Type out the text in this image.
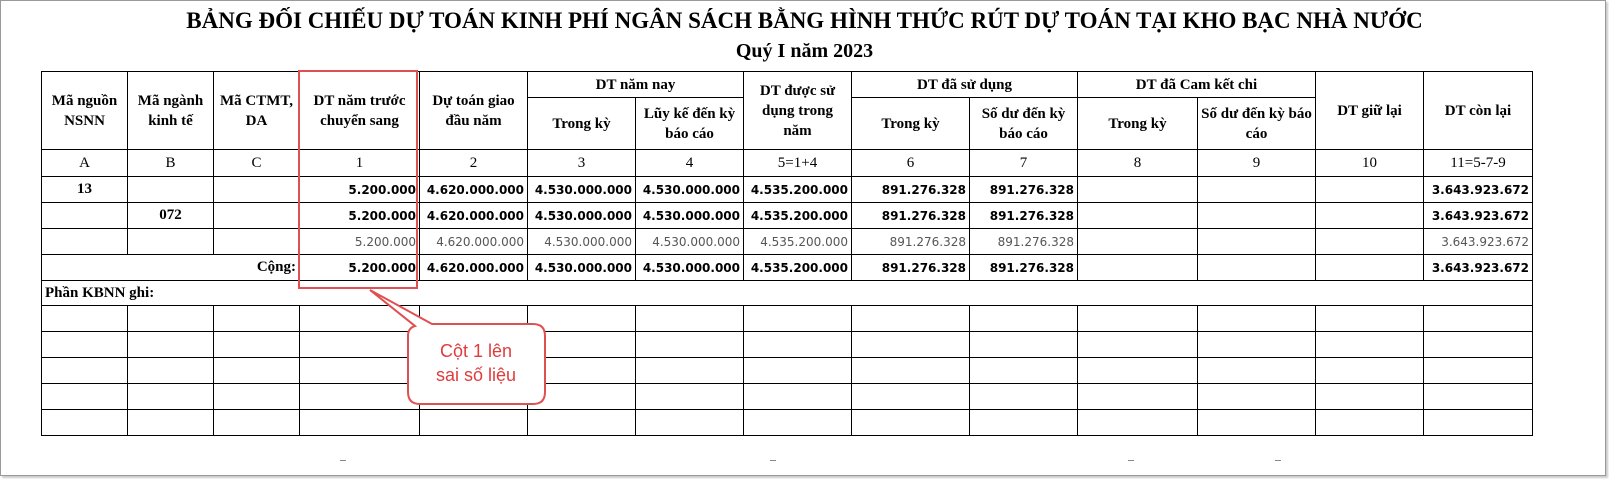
BẢNG ĐỐI CHIẾU DỰ TOÁN KINH PHÍ NGÂN SÁCH BẰNG HÌNH THỨC RÚT DỰ TOÁN TẠI KHO BẠC NHÀ NƯỚC
Quý I năm 2023
Mã nguồn NSNN	Mã ngành kinh tế	Mã CTMT, DA	DT năm trước chuyển sang	Dự toán giao đầu năm	DT năm nay		DT được sử dụng trong năm	DT đã sử dụng		DT đã Cam kết chi		DT giữ lại	DT còn lại
					Trong kỳ	Lũy kế đến kỳ báo cáo		Trong kỳ	Số dư đến kỳ báo cáo	Trong kỳ	Số dư đến kỳ báo cáo		
A	B	C	1	2	3	4	5=1+4	6	7	8	9	10	11=5-7-9
13			5.200.000	4.620.000.000	4.530.000.000	4.530.000.000	4.535.200.000	891.276.328	891.276.328				3.643.923.672
	072		5.200.000	4.620.000.000	4.530.000.000	4.530.000.000	4.535.200.000	891.276.328	891.276.328				3.643.923.672
			5.200.000	4.620.000.000	4.530.000.000	4.530.000.000	4.535.200.000	891.276.328	891.276.328				3.643.923.672
Cộng:			5.200.000	4.620.000.000	4.530.000.000	4.530.000.000	4.535.200.000	891.276.328	891.276.328				3.643.923.672
Phần KBNN ghi:													

Cột 1 lên
sai số liệu
